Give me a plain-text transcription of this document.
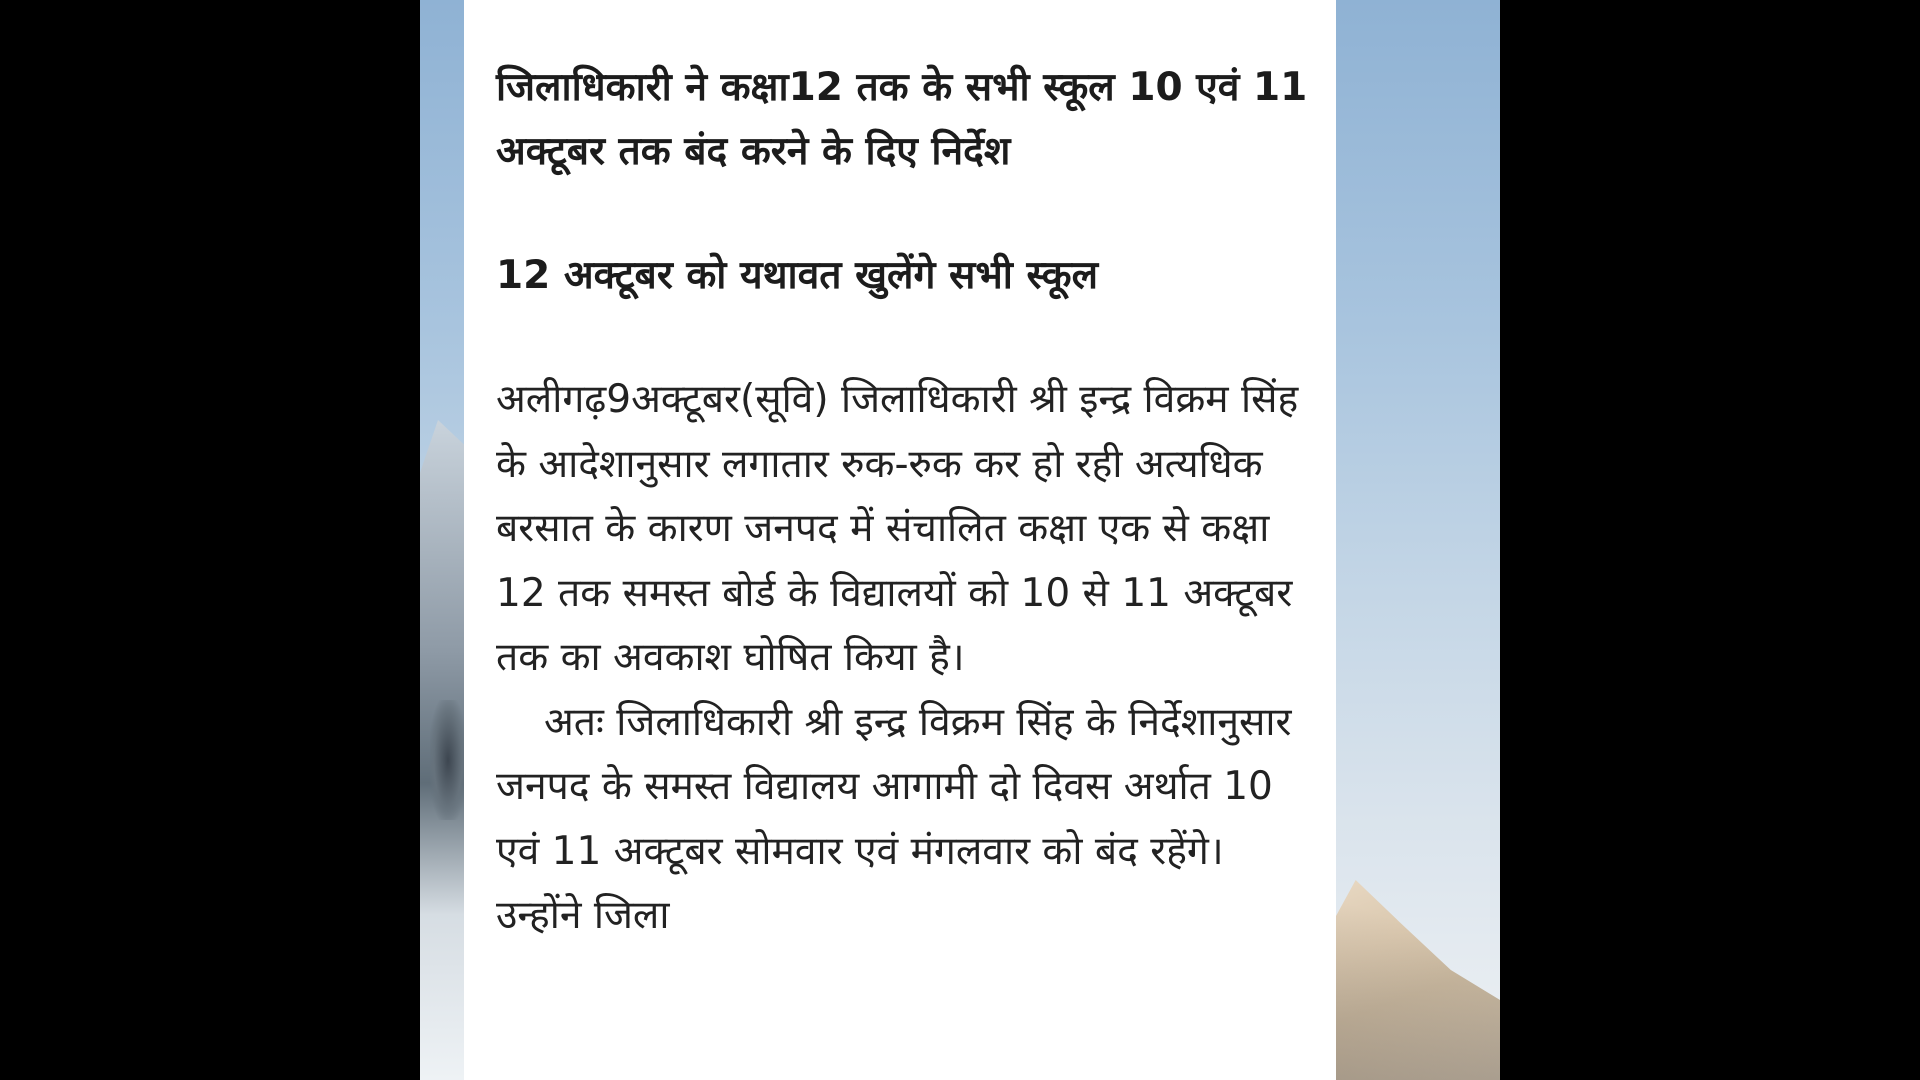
जिलाधिकारी ने कक्षा12 तक के सभी स्कूल 10 एवं 11 अक्टूबर तक बंद करने के दिए निर्देश
12 अक्टूबर को यथावत खुलेंगे सभी स्कूल

अलीगढ़9अक्टूबर(सूवि) जिलाधिकारी श्री इन्द्र विक्रम सिंह के आदेशानुसार लगातार रुक-रुक कर हो रही अत्यधिक बरसात के कारण जनपद में संचालित कक्षा एक से कक्षा 12 तक समस्त बोर्ड के विद्यालयों को 10 से 11 अक्टूबर तक का अवकाश घोषित किया है।

अतः जिलाधिकारी श्री इन्द्र विक्रम सिंह के निर्देशानुसार जनपद के समस्त विद्यालय आगामी दो दिवस अर्थात 10 एवं 11 अक्टूबर सोमवार एवं मंगलवार को बंद रहेंगे। उन्होंने जिला
